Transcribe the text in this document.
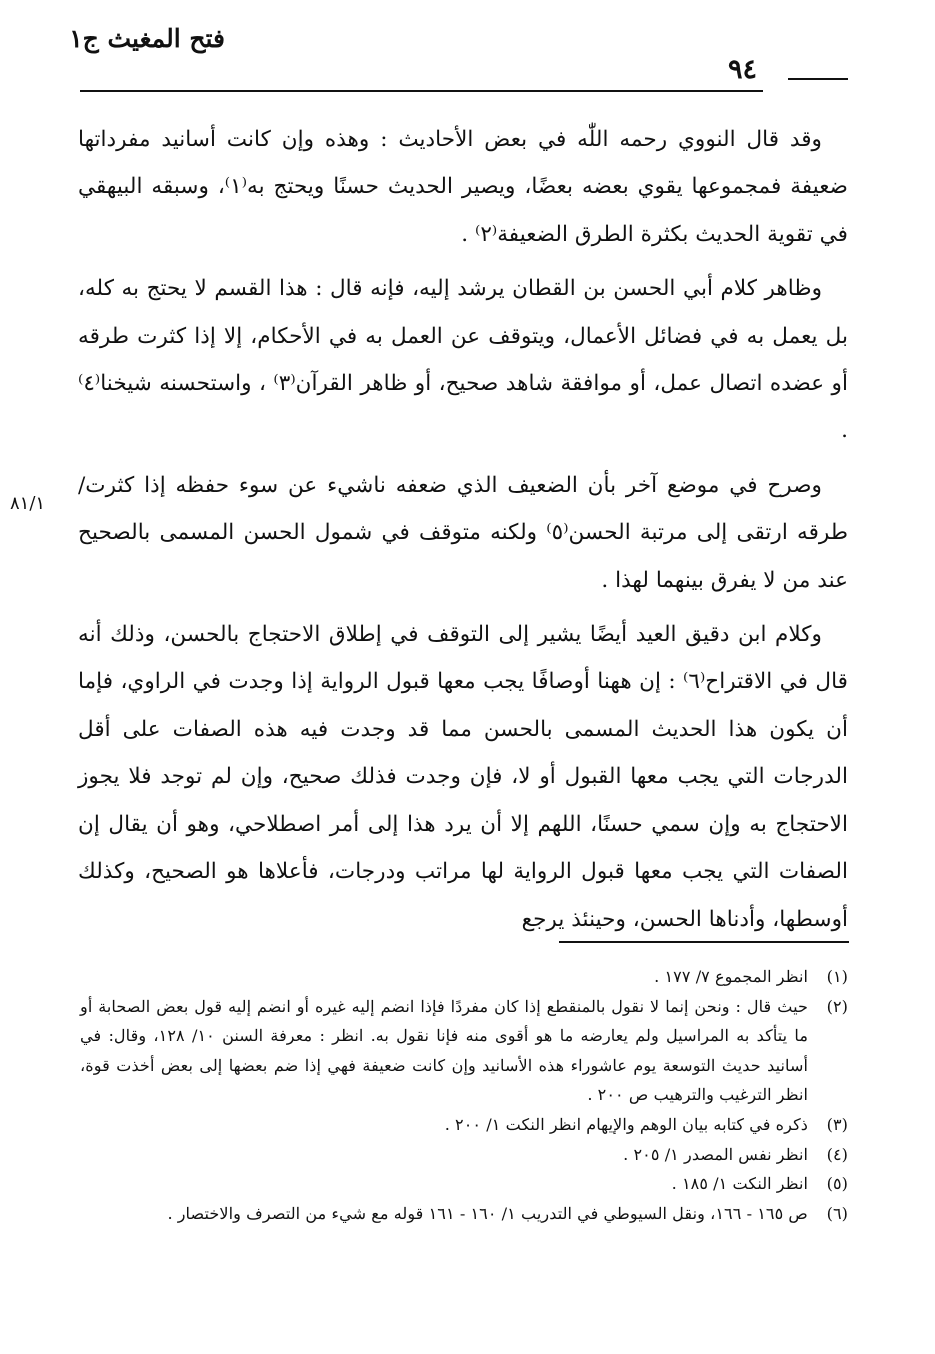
فتح المغيث ج١
٩٤
٨١/١

وقد قال النووي رحمه اللّٰه في بعض الأحاديث : وهذه وإن كانت أسانيد مفرداتها ضعيفة فمجموعها يقوي بعضه بعضًا، ويصير الحديث حسنًا ويحتج به⁽١⁾، وسبقه البيهقي في تقوية الحديث بكثرة الطرق الضعيفة⁽٢⁾ .

وظاهر كلام أبي الحسن بن القطان يرشد إليه، فإنه قال : هذا القسم لا يحتج به كله، بل يعمل به في فضائل الأعمال، ويتوقف عن العمل به في الأحكام، إلا إذا كثرت طرقه أو عضده اتصال عمل، أو موافقة شاهد صحيح، أو ظاهر القرآن⁽٣⁾ ، واستحسنه شيخنا⁽٤⁾ .

وصرح في موضع آخر بأن الضعيف الذي ضعفه ناشيء عن سوء حفظه إذا كثرت/ طرقه ارتقى إلى مرتبة الحسن⁽٥⁾ ولكنه متوقف في شمول الحسن المسمى بالصحيح عند من لا يفرق بينهما لهذا .

وكلام ابن دقيق العيد أيضًا يشير إلى التوقف في إطلاق الاحتجاج بالحسن، وذلك أنه قال في الاقتراح⁽٦⁾ : إن ههنا أوصافًا يجب معها قبول الرواية إذا وجدت في الراوي، فإما أن يكون هذا الحديث المسمى بالحسن مما قد وجدت فيه هذه الصفات على أقل الدرجات التي يجب معها القبول أو لا، فإن وجدت فذلك صحيح، وإن لم توجد فلا يجوز الاحتجاج به وإن سمي حسنًا، اللهم إلا أن يرد هذا إلى أمر اصطلاحي، وهو أن يقال إن الصفات التي يجب معها قبول الرواية لها مراتب ودرجات، فأعلاها هو الصحيح، وكذلك أوسطها، وأدناها الحسن، وحينئذ يرجع

(١)
انظر المجموع ٧/ ١٧٧ .

(٢)
حيث قال : ونحن إنما لا نقول بالمنقطع إذا كان مفردًا فإذا انضم إليه غيره أو انضم إليه قول بعض الصحابة أو ما يتأكد به المراسيل ولم يعارضه ما هو أقوى منه فإنا نقول به. انظر : معرفة السنن ١٠/ ١٢٨، وقال: في أسانيد حديث التوسعة يوم عاشوراء هذه الأسانيد وإن كانت ضعيفة فهي إذا ضم بعضها إلى بعض أخذت قوة، انظر الترغيب والترهيب ص ٢٠٠ .

(٣)
ذكره في كتابه بيان الوهم والإيهام انظر النكت ١/ ٢٠٠ .

(٤)
انظر نفس المصدر ١/ ٢٠٥ .

(٥)
انظر النكت ١/ ١٨٥ .

(٦)
ص ١٦٥ - ١٦٦، ونقل السيوطي في التدريب ١/ ١٦٠ - ١٦١ قوله مع شيء من التصرف والاختصار .
